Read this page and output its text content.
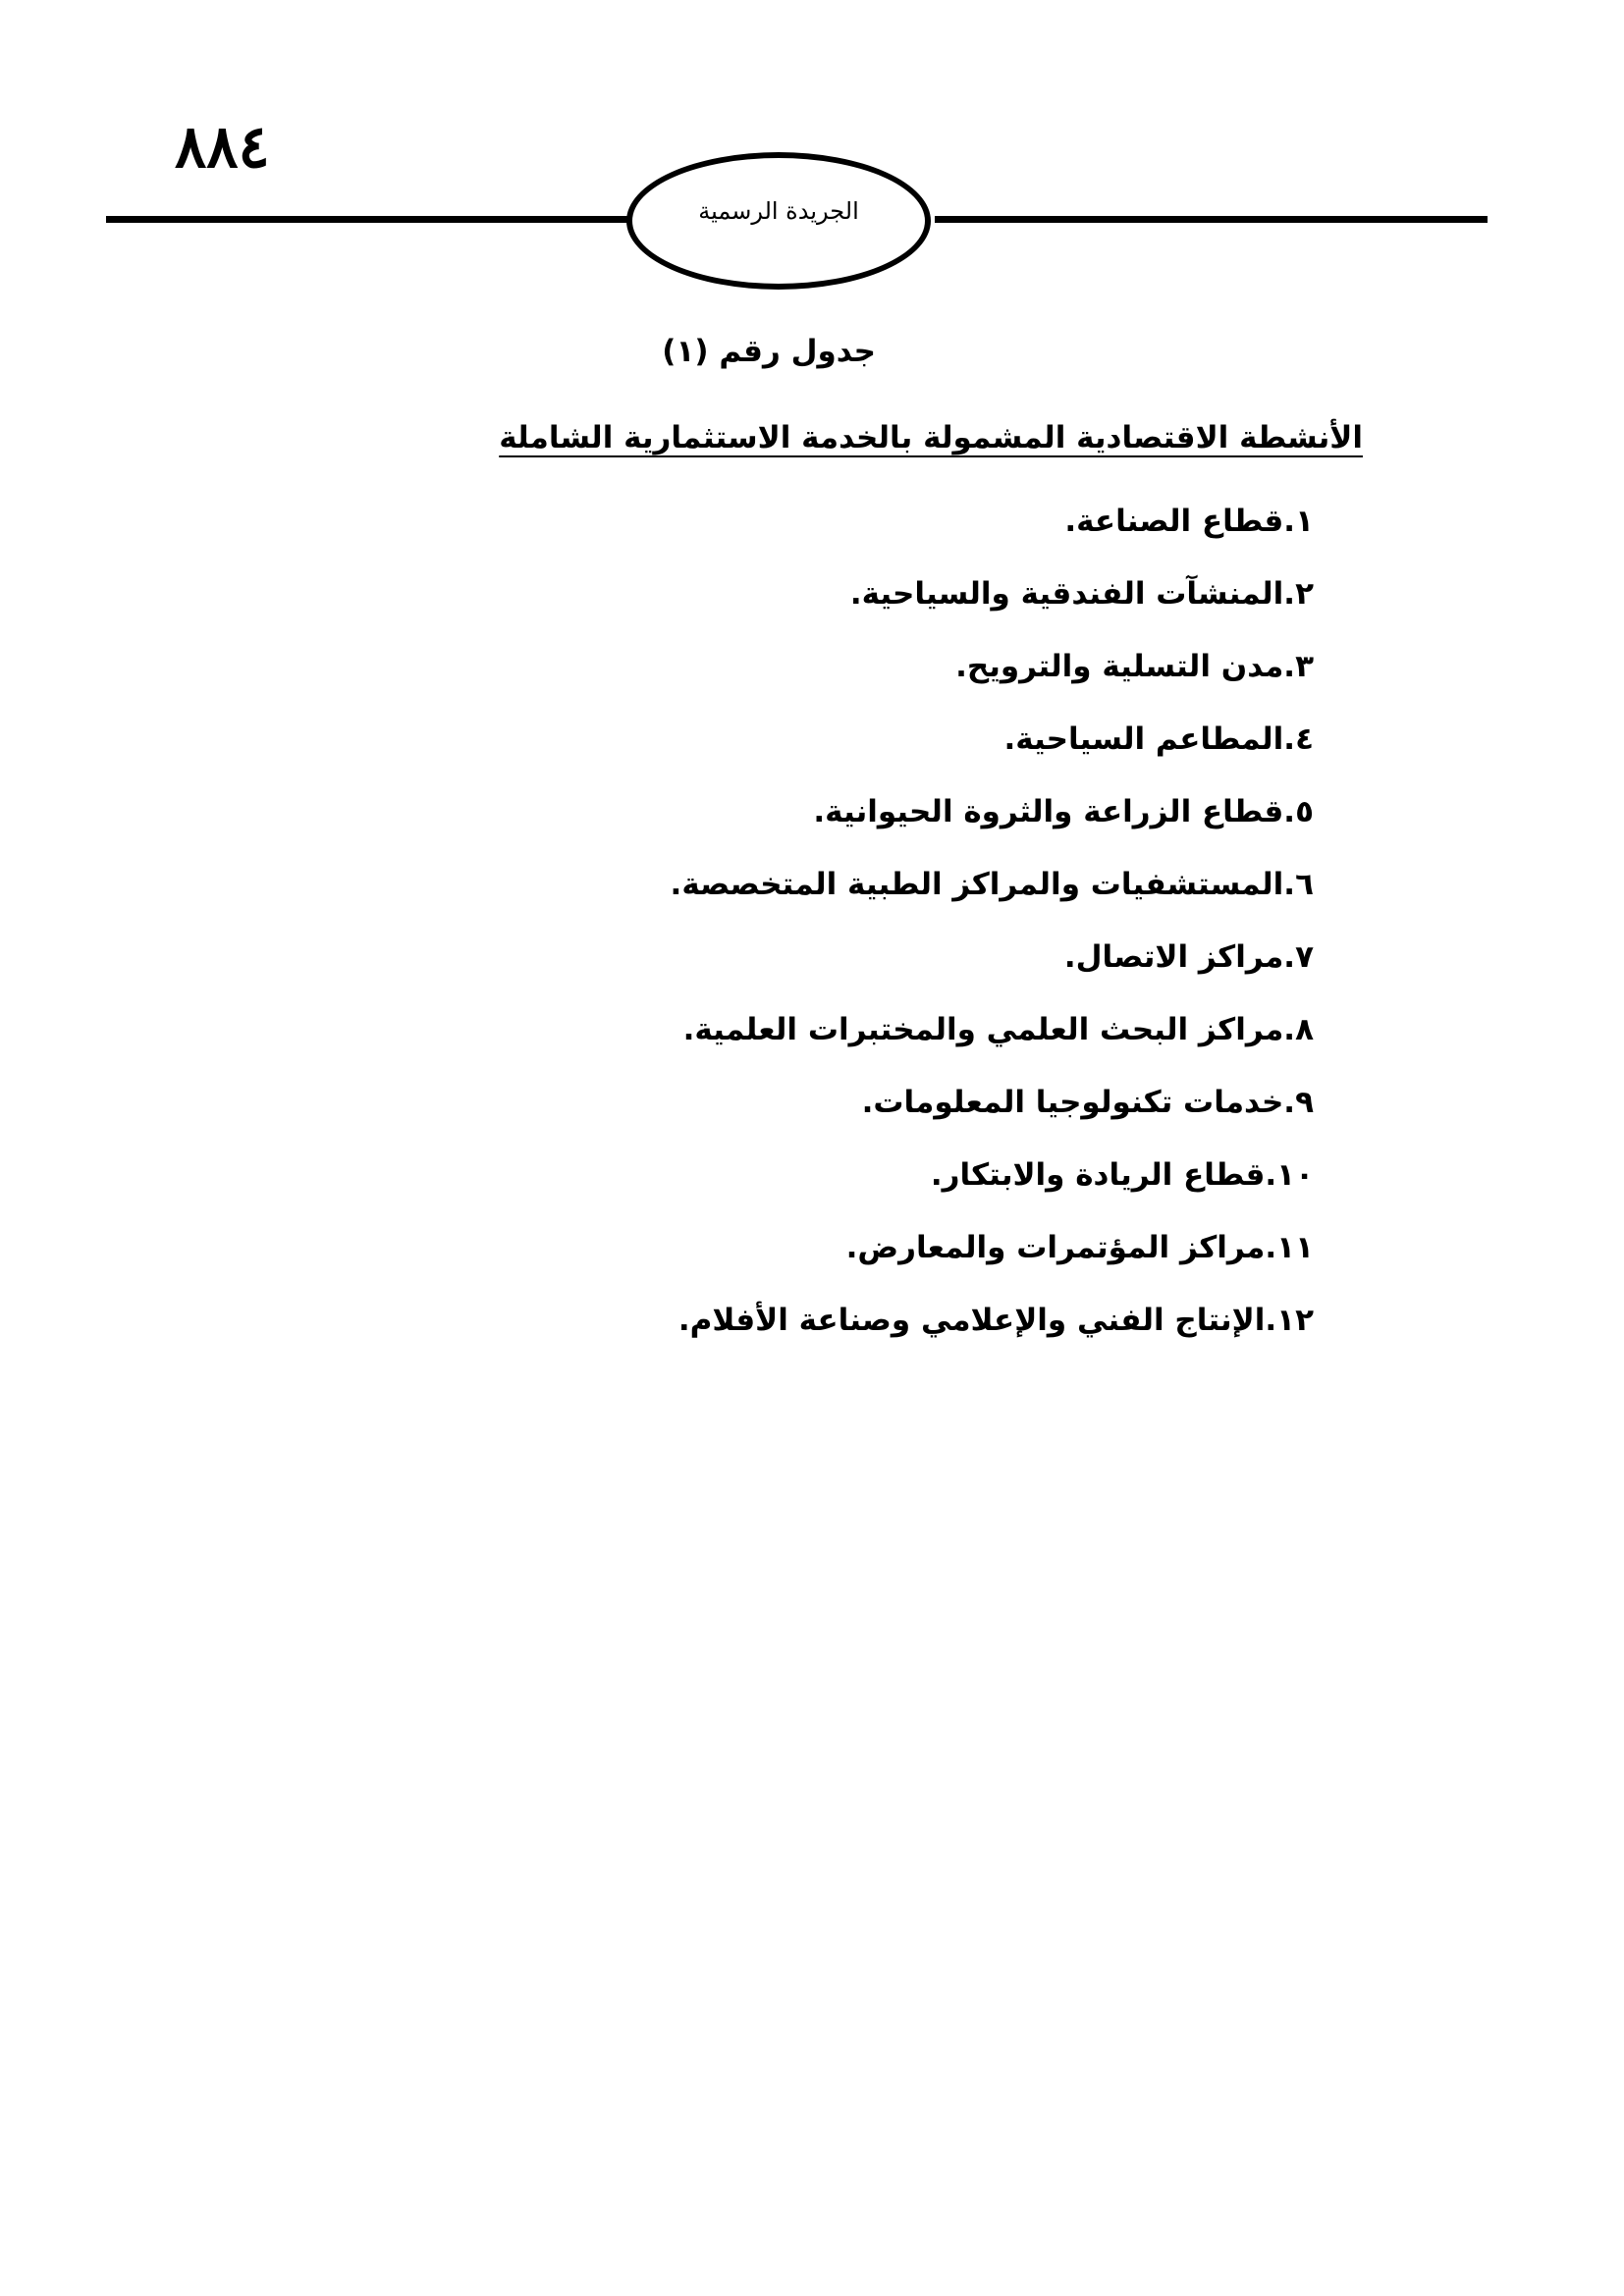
٨٨٤
الجريدة الرسمية
جدول رقم (١)
الأنشطة الاقتصادية المشمولة بالخدمة الاستثمارية الشاملة
١.قطاع الصناعة.
٢.المنشآت الفندقية والسياحية.
٣.مدن التسلية والترويح.
٤.المطاعم السياحية.
٥.قطاع الزراعة والثروة الحيوانية.
٦.المستشفيات والمراكز الطبية المتخصصة.
٧.مراكز الاتصال.
٨.مراكز البحث العلمي والمختبرات العلمية.
٩.خدمات تكنولوجيا المعلومات.
١٠.قطاع الريادة والابتكار.
١١.مراكز المؤتمرات والمعارض.
١٢.الإنتاج الفني والإعلامي وصناعة الأفلام.
